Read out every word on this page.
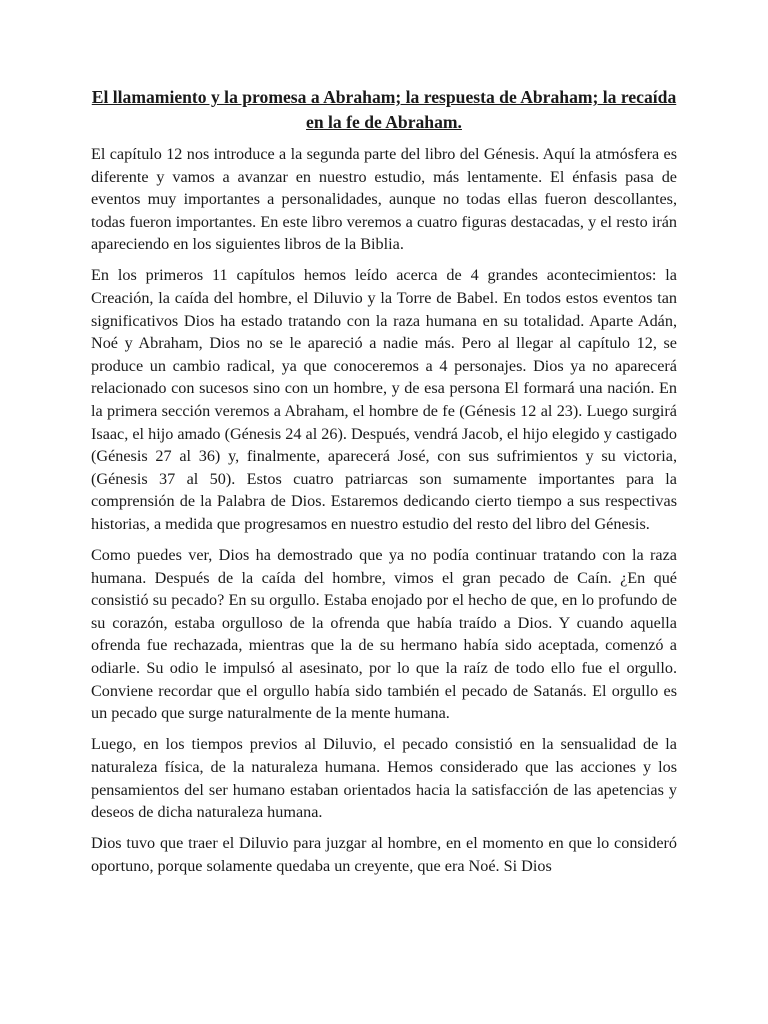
El llamamiento y la promesa a Abraham; la respuesta de Abraham; la recaída en la fe de Abraham.

El capítulo 12 nos introduce a la segunda parte del libro del Génesis. Aquí la atmósfera es diferente y vamos a avanzar en nuestro estudio, más lentamente. El énfasis pasa de eventos muy importantes a personalidades, aunque no todas ellas fueron descollantes, todas fueron importantes. En este libro veremos a cuatro figuras destacadas, y el resto irán apareciendo en los siguientes libros de la Biblia.

En los primeros 11 capítulos hemos leído acerca de 4 grandes acontecimientos: la Creación, la caída del hombre, el Diluvio y la Torre de Babel. En todos estos eventos tan significativos Dios ha estado tratando con la raza humana en su totalidad. Aparte Adán, Noé y Abraham, Dios no se le apareció a nadie más. Pero al llegar al capítulo 12, se produce un cambio radical, ya que conoceremos a 4 personajes. Dios ya no aparecerá relacionado con sucesos sino con un hombre, y de esa persona El formará una nación. En la primera sección veremos a Abraham, el hombre de fe (Génesis 12 al 23). Luego surgirá Isaac, el hijo amado (Génesis 24 al 26). Después, vendrá Jacob, el hijo elegido y castigado (Génesis 27 al 36) y, finalmente, aparecerá José, con sus sufrimientos y su victoria, (Génesis 37 al 50). Estos cuatro patriarcas son sumamente importantes para la comprensión de la Palabra de Dios. Estaremos dedicando cierto tiempo a sus respectivas historias, a medida que progresamos en nuestro estudio del resto del libro del Génesis.

Como puedes ver, Dios ha demostrado que ya no podía continuar tratando con la raza humana. Después de la caída del hombre, vimos el gran pecado de Caín. ¿En qué consistió su pecado? En su orgullo. Estaba enojado por el hecho de que, en lo profundo de su corazón, estaba orgulloso de la ofrenda que había traído a Dios. Y cuando aquella ofrenda fue rechazada, mientras que la de su hermano había sido aceptada, comenzó a odiarle. Su odio le impulsó al asesinato, por lo que la raíz de todo ello fue el orgullo. Conviene recordar que el orgullo había sido también el pecado de Satanás. El orgullo es un pecado que surge naturalmente de la mente humana.

Luego, en los tiempos previos al Diluvio, el pecado consistió en la sensualidad de la naturaleza física, de la naturaleza humana. Hemos considerado que las acciones y los pensamientos del ser humano estaban orientados hacia la satisfacción de las apetencias y deseos de dicha naturaleza humana.

Dios tuvo que traer el Diluvio para juzgar al hombre, en el momento en que lo consideró oportuno, porque solamente quedaba un creyente, que era Noé. Si Dios
